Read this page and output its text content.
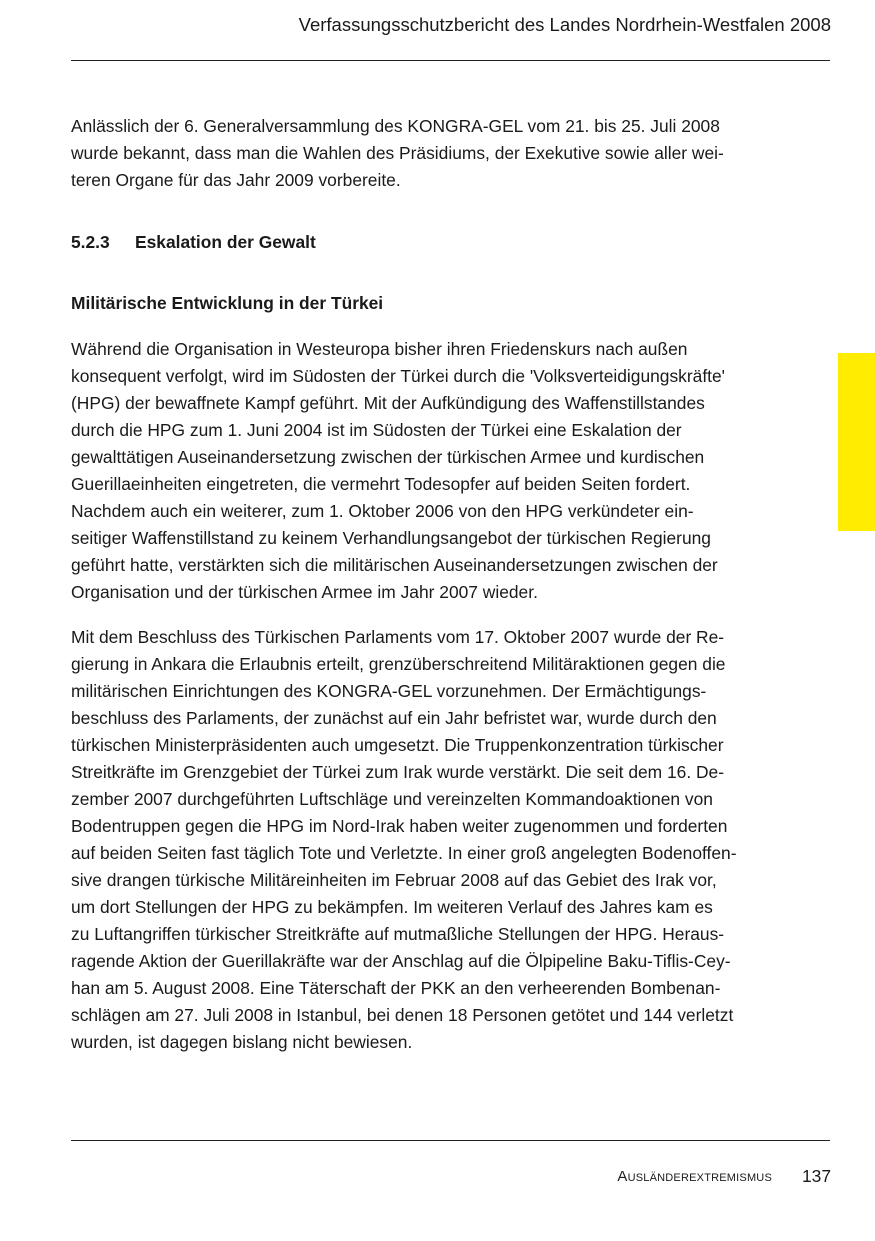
Verfassungsschutzbericht des Landes Nordrhein-Westfalen 2008
Anlässlich der 6. Generalversammlung des KONGRA-GEL vom 21. bis 25. Juli 2008
wurde bekannt, dass man die Wahlen des Präsidiums, der Exekutive sowie aller wei-
teren Organe für das Jahr 2009 vorbereite.
5.2.3 Eskalation der Gewalt
Militärische Entwicklung in der Türkei
Während die Organisation in Westeuropa bisher ihren Friedenskurs nach außen
konsequent verfolgt, wird im Südosten der Türkei durch die 'Volksverteidigungskräfte'
(HPG) der bewaffnete Kampf geführt. Mit der Aufkündigung des Waffenstillstandes
durch die HPG zum 1. Juni 2004 ist im Südosten der Türkei eine Eskalation der
gewalttätigen Auseinandersetzung zwischen der türkischen Armee und kurdischen
Guerillaeinheiten eingetreten, die vermehrt Todesopfer auf beiden Seiten fordert.
Nachdem auch ein weiterer, zum 1. Oktober 2006 von den HPG verkündeter ein-
seitiger Waffenstillstand zu keinem Verhandlungsangebot der türkischen Regierung
geführt hatte, verstärkten sich die militärischen Auseinandersetzungen zwischen der
Organisation und der türkischen Armee im Jahr 2007 wieder.
Mit dem Beschluss des Türkischen Parlaments vom 17. Oktober 2007 wurde der Re-
gierung in Ankara die Erlaubnis erteilt, grenzüberschreitend Militäraktionen gegen die
militärischen Einrichtungen des KONGRA-GEL vorzunehmen. Der Ermächtigungs-
beschluss des Parlaments, der zunächst auf ein Jahr befristet war, wurde durch den
türkischen Ministerpräsidenten auch umgesetzt. Die Truppenkonzentration türkischer
Streitkräfte im Grenzgebiet der Türkei zum Irak wurde verstärkt. Die seit dem 16. De-
zember 2007 durchgeführten Luftschläge und vereinzelten Kommandoaktionen von
Bodentruppen gegen die HPG im Nord-Irak haben weiter zugenommen und forderten
auf beiden Seiten fast täglich Tote und Verletzte. In einer groß angelegten Bodenoffen-
sive drangen türkische Militäreinheiten im Februar 2008 auf das Gebiet des Irak vor,
um dort Stellungen der HPG zu bekämpfen. Im weiteren Verlauf des Jahres kam es
zu Luftangriffen türkischer Streitkräfte auf mutmaßliche Stellungen der HPG. Heraus-
ragende Aktion der Guerillakräfte war der Anschlag auf die Ölpipeline Baku-Tiflis-Cey-
han am 5. August 2008. Eine Täterschaft der PKK an den verheerenden Bombenan-
schlägen am 27. Juli 2008 in Istanbul, bei denen 18 Personen getötet und 144 verletzt
wurden, ist dagegen bislang nicht bewiesen.
Ausländerextremismus 137
